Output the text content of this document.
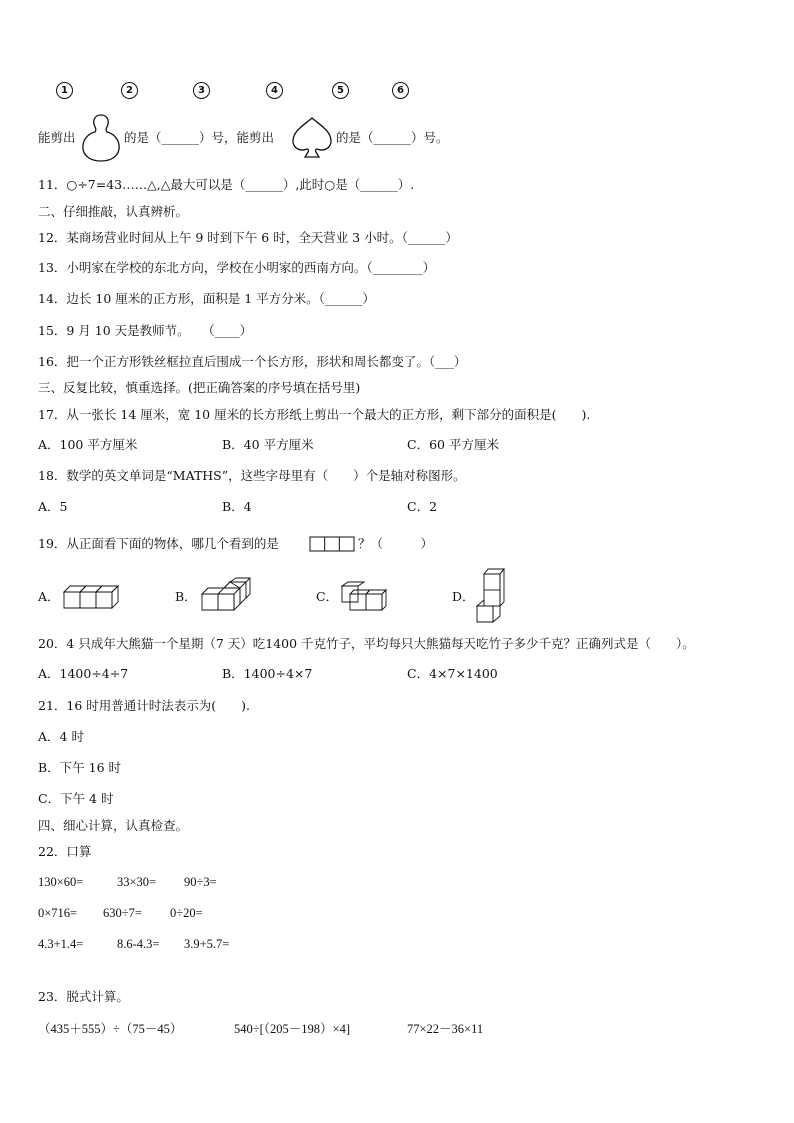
1	2	3	4	5	6
能剪出	的是（______）号，能剪出	的是（______）号。
11．○÷7=43……△,△最大可以是（______）,此时○是（______）.
二、仔细推敲，认真辨析。
12．某商场营业时间从上午 9 时到下午 6 时，全天营业 3 小时。（______）
13．小明家在学校的东北方向，学校在小明家的西南方向。（________）
14．边长 10 厘米的正方形，面积是 1 平方分米。（______）
15．9 月 10 天是教师节。　　（____）
16．把一个正方形铁丝框拉直后围成一个长方形，形状和周长都变了。（___）
三、反复比较，慎重选择。(把正确答案的序号填在括号里)
17．从一张长 14 厘米，宽 10 厘米的长方形纸上剪出一个最大的正方形，剩下部分的面积是(　　).
A．100 平方厘米	B．40 平方厘米	C．60 平方厘米
18．数学的英文单词是“MATHS”，这些字母里有（　　）个是轴对称图形。
A．5	B．4	C．2
19．从正面看下面的物体，哪几个看到的是	？（　　　）
A．	B．	C．	D．
20．4 只成年大熊猫一个星期（7 天）吃1400 千克竹子，平均每只大熊猫每天吃竹子多少千克？正确列式是（　　）。
A．1400÷4÷7	B．1400÷4×7	C．4×7×1400
21．16 时用普通计时法表示为(　　).
A．4 时
B．下午 16 时
C．下午 4 时
四、细心计算，认真检查。
22．口算
130×60=	33×30= 90÷3=
0×716= 630÷7= 0÷20=
4.3+1.4=	8.6-4.3= 3.9+5.7=
23．脱式计算。
（435＋555）÷（75－45）	540÷[（205－198）×4]	77×22－36×11
